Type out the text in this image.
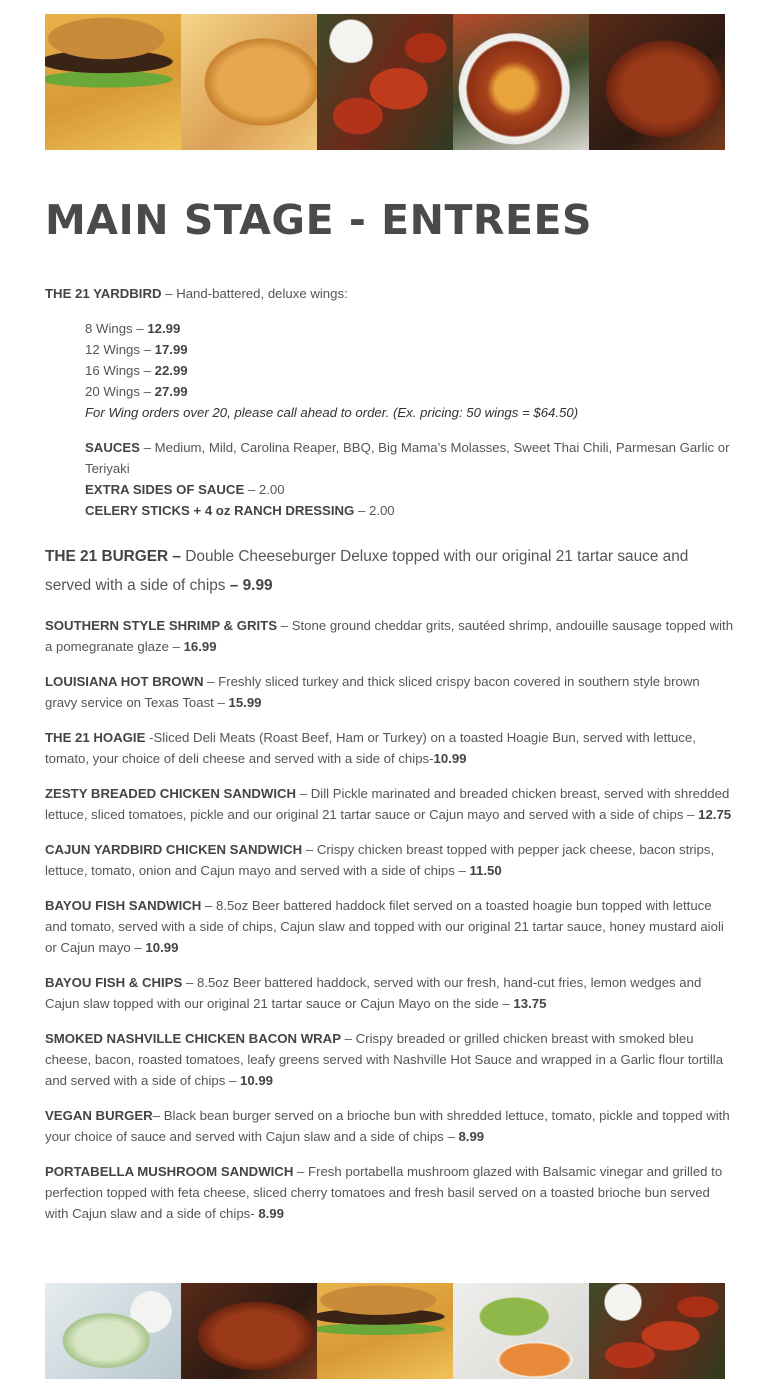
MAIN STAGE - ENTREES

THE 21 YARDBIRD – Hand-battered, deluxe wings:

8 Wings – 12.99

12 Wings – 17.99

16 Wings – 22.99

20 Wings – 27.99

For Wing orders over 20, please call ahead to order. (Ex. pricing: 50 wings = $64.50)

SAUCES – Medium, Mild, Carolina Reaper, BBQ, Big Mama’s Molasses, Sweet Thai Chili, Parmesan Garlic or Teriyaki

EXTRA SIDES OF SAUCE – 2.00

CELERY STICKS + 4 oz RANCH DRESSING – 2.00

THE 21 BURGER – Double Cheeseburger Deluxe topped with our original 21 tartar sauce and served with a side of chips – 9.99

SOUTHERN STYLE SHRIMP & GRITS – Stone ground cheddar grits, sautéed shrimp, andouille sausage topped with a pomegranate glaze – 16.99

LOUISIANA HOT BROWN – Freshly sliced turkey and thick sliced crispy bacon covered in southern style brown gravy service on Texas Toast – 15.99

THE 21 HOAGIE -Sliced Deli Meats (Roast Beef, Ham or Turkey) on a toasted Hoagie Bun, served with lettuce, tomato, your choice of deli cheese and served with a side of chips-10.99

ZESTY BREADED CHICKEN SANDWICH – Dill Pickle marinated and breaded chicken breast, served with shredded lettuce, sliced tomatoes, pickle and our original 21 tartar sauce or Cajun mayo and served with a side of chips – 12.75

CAJUN YARDBIRD CHICKEN SANDWICH – Crispy chicken breast topped with pepper jack cheese, bacon strips, lettuce, tomato, onion and Cajun mayo and served with a side of chips – 11.50

BAYOU FISH SANDWICH – 8.5oz Beer battered haddock filet served on a toasted hoagie bun topped with lettuce and tomato, served with a side of chips, Cajun slaw and topped with our original 21 tartar sauce, honey mustard aioli or Cajun mayo – 10.99

BAYOU FISH & CHIPS – 8.5oz Beer battered haddock, served with our fresh, hand-cut fries, lemon wedges and Cajun slaw topped with our original 21 tartar sauce or Cajun Mayo on the side – 13.75

SMOKED NASHVILLE CHICKEN BACON WRAP – Crispy breaded or grilled chicken breast with smoked bleu cheese, bacon, roasted tomatoes, leafy greens served with Nashville Hot Sauce and wrapped in a Garlic flour tortilla and served with a side of chips – 10.99

VEGAN BURGER– Black bean burger served on a brioche bun with shredded lettuce, tomato, pickle and topped with your choice of sauce and served with Cajun slaw and a side of chips – 8.99

PORTABELLA MUSHROOM SANDWICH – Fresh portabella mushroom glazed with Balsamic vinegar and grilled to perfection topped with feta cheese, sliced cherry tomatoes and fresh basil served on a toasted brioche bun served with Cajun slaw and a side of chips- 8.99
